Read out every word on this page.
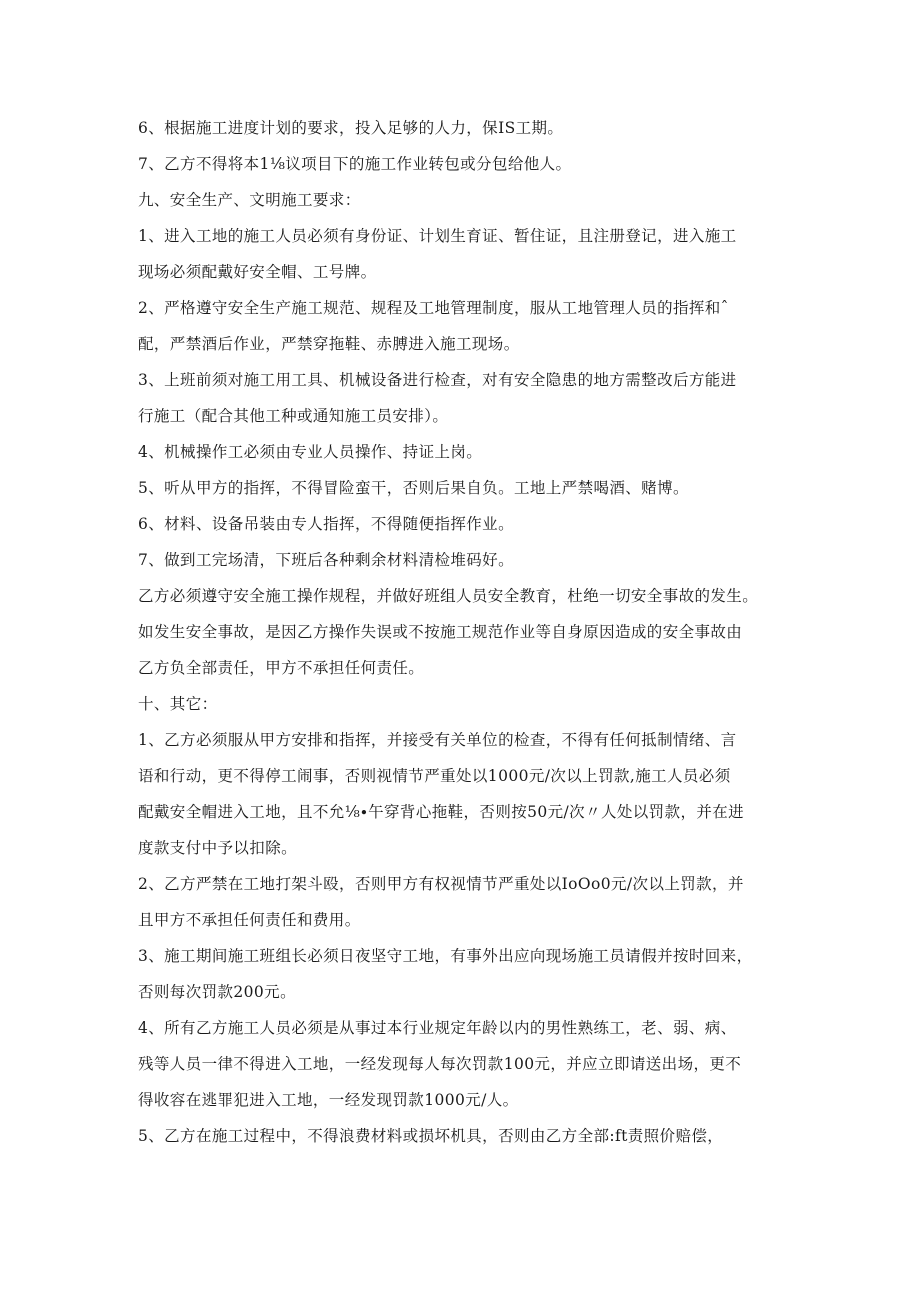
6、根据施工进度计划的要求，投入足够的人力，保IS工期。
7、乙方不得将本1⅛议项目下的施工作业转包或分包给他人。
九、安全生产、文明施工要求：
1、进入工地的施工人员必须有身份证、计划生育证、暂住证，且注册登记，进入施工
现场必须配戴好安全帽、工号牌。
2、严格遵守安全生产施工规范、规程及工地管理制度，服从工地管理人员的指挥和ˆ
配，严禁酒后作业，严禁穿拖鞋、赤膊进入施工现场。
3、上班前须对施工用工具、机械设备进行检查，对有安全隐患的地方需整改后方能进
行施工（配合其他工种或通知施工员安排）。
4、机械操作工必须由专业人员操作、持证上岗。
5、听从甲方的指挥，不得冒险蛮干，否则后果自负。工地上严禁喝酒、赌博。
6、材料、设备吊装由专人指挥，不得随便指挥作业。
7、做到工完场清，下班后各种剩余材料清检堆码好。
乙方必须遵守安全施工操作规程，并做好班组人员安全教育，杜绝一切安全事故的发生。
如发生安全事故，是因乙方操作失误或不按施工规范作业等自身原因造成的安全事故由
乙方负全部责任，甲方不承担任何责任。
十、其它：
1、乙方必须服从甲方安排和指挥，并接受有关单位的检查，不得有任何抵制情绪、言
语和行动，更不得停工闹事，否则视情节严重处以1000元/次以上罚款,施工人员必须
配戴安全帽进入工地，且不允⅛∙午穿背心拖鞋，否则按50元/次〃人处以罚款，并在进
度款支付中予以扣除。
2、乙方严禁在工地打架斗殴，否则甲方有权视情节严重处以IoOo0元/次以上罚款，并
且甲方不承担任何责任和费用。
3、施工期间施工班组长必须日夜坚守工地，有事外出应向现场施工员请假并按时回来，
否则每次罚款200元。
4、所有乙方施工人员必须是从事过本行业规定年龄以内的男性熟练工，老、弱、病、
残等人员一律不得进入工地，一经发现每人每次罚款100元，并应立即请送出场，更不
得收容在逃罪犯进入工地，一经发现罚款1000元/人。
5、乙方在施工过程中，不得浪费材料或损坏机具，否则由乙方全部:ft责照价赔偿，
